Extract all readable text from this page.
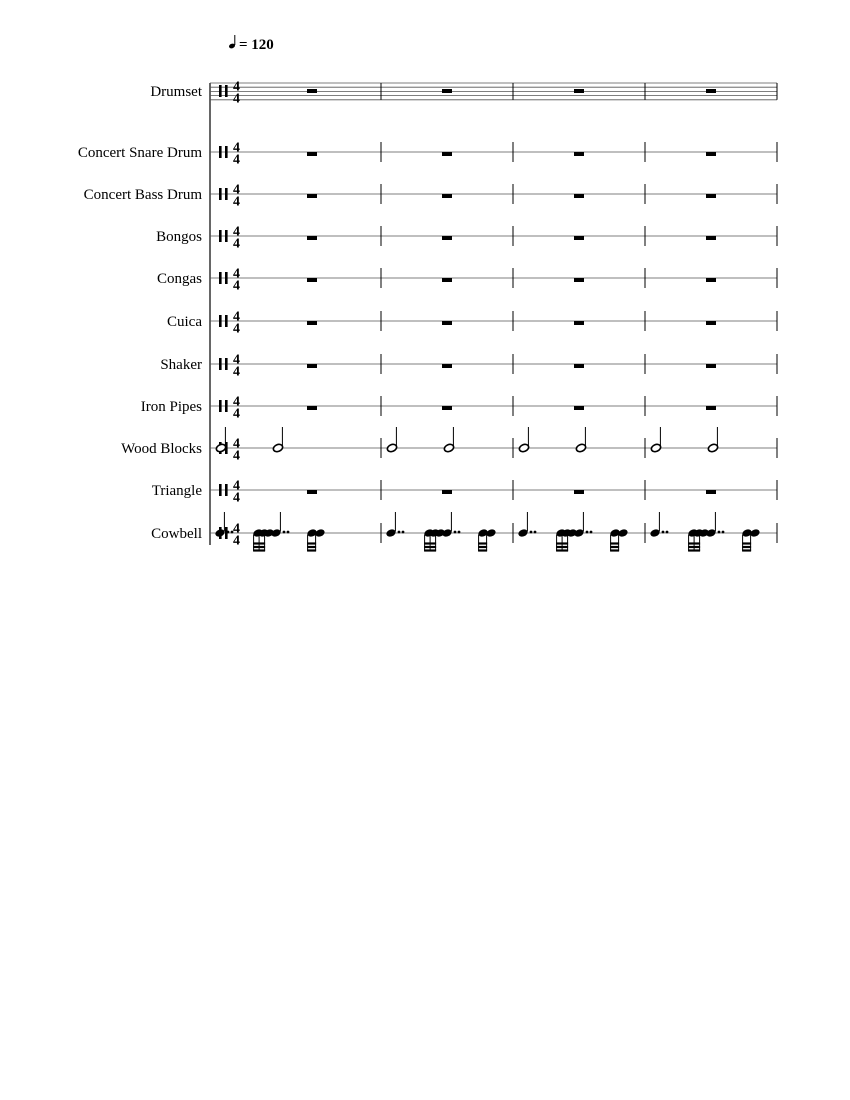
= 120
Drumset 4
4
Concert Snare Drum 4
4
Concert Bass Drum 4
4
Bongos 4
4
Congas 4
4
Cuica 4
4
Shaker 4
4
Iron Pipes 4
4
Wood Blocks 4
4
Triangle 4
4
Cowbell 4
4
